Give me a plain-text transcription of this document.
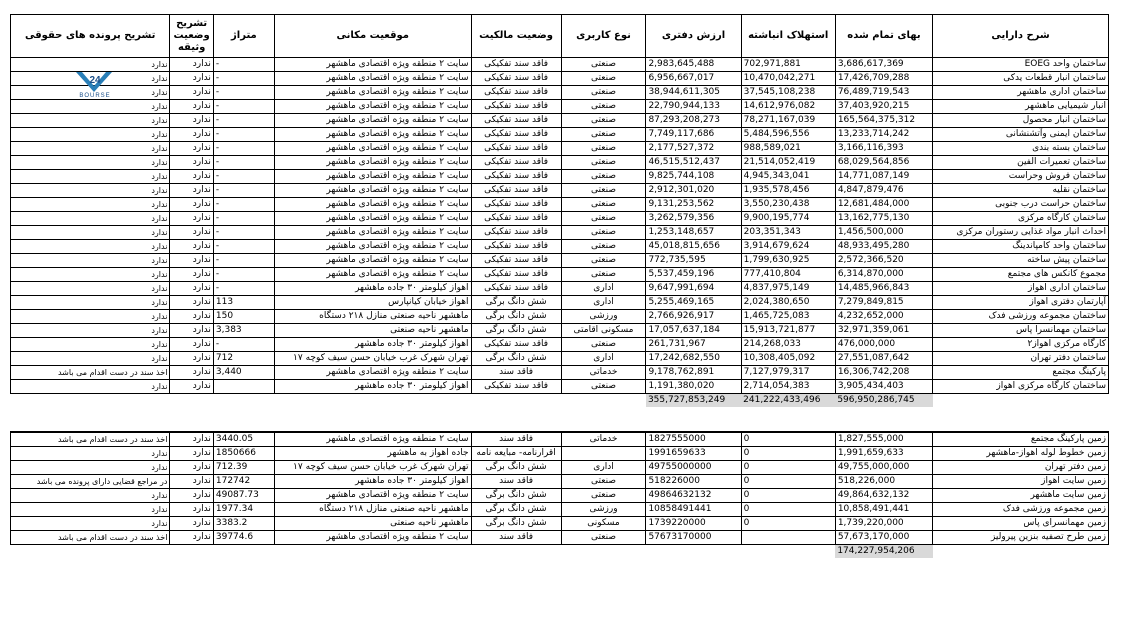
شرح دارایی	بهای تمام شده	استهلاک انباشته	ارزش دفتری	نوع کاربری	وضعیت مالکیت	موقعیت مکانی	متراژ	تشریح وضعیت وثیقه	تشریح پرونده های حقوقی
ساختمان واحد EOEG	3,686,617,369	702,971,881	2,983,645,488	صنعتی	فاقد سند تفکیکی	سایت ۲ منطقه ویژه اقتصادی ماهشهر	-	ندارد	ندارد
ساختمان انبار قطعات یدکی	17,426,709,288	10,470,042,271	6,956,667,017	صنعتی	فاقد سند تفکیکی	سایت ۲ منطقه ویژه اقتصادی ماهشهر	-	ندارد	ندارد
ساختمان اداری ماهشهر	76,489,719,543	37,545,108,238	38,944,611,305	صنعتی	فاقد سند تفکیکی	سایت ۲ منطقه ویژه اقتصادی ماهشهر	-	ندارد	ندارد
انبار شیمیایی ماهشهر	37,403,920,215	14,612,976,082	22,790,944,133	صنعتی	فاقد سند تفکیکی	سایت ۲ منطقه ویژه اقتصادی ماهشهر	-	ندارد	ندارد
ساختمان انبار محصول	165,564,375,312	78,271,167,039	87,293,208,273	صنعتی	فاقد سند تفکیکی	سایت ۲ منطقه ویژه اقتصادی ماهشهر	-	ندارد	ندارد
ساختمان ایمنی وآتشنشانی	13,233,714,242	5,484,596,556	7,749,117,686	صنعتی	فاقد سند تفکیکی	سایت ۲ منطقه ویژه اقتصادی ماهشهر	-	ندارد	ندارد
ساختمان بسته بندی	3,166,116,393	988,589,021	2,177,527,372	صنعتی	فاقد سند تفکیکی	سایت ۲ منطقه ویژه اقتصادی ماهشهر	-	ندارد	ندارد
ساختمان تعمیرات الفین	68,029,564,856	21,514,052,419	46,515,512,437	صنعتی	فاقد سند تفکیکی	سایت ۲ منطقه ویژه اقتصادی ماهشهر	-	ندارد	ندارد
ساختمان فروش وحراست	14,771,087,149	4,945,343,041	9,825,744,108	صنعتی	فاقد سند تفکیکی	سایت ۲ منطقه ویژه اقتصادی ماهشهر	-	ندارد	ندارد
ساختمان نقلیه	4,847,879,476	1,935,578,456	2,912,301,020	صنعتی	فاقد سند تفکیکی	سایت ۲ منطقه ویژه اقتصادی ماهشهر	-	ندارد	ندارد
ساختمان حراست درب جنوبی	12,681,484,000	3,550,230,438	9,131,253,562	صنعتی	فاقد سند تفکیکی	سایت ۲ منطقه ویژه اقتصادی ماهشهر	-	ندارد	ندارد
ساختمان کارگاه مرکزی	13,162,775,130	9,900,195,774	3,262,579,356	صنعتی	فاقد سند تفکیکی	سایت ۲ منطقه ویژه اقتصادی ماهشهر	-	ندارد	ندارد
احداث انبار مواد غذایی رستوران مرکزی	1,456,500,000	203,351,343	1,253,148,657	صنعتی	فاقد سند تفکیکی	سایت ۲ منطقه ویژه اقتصادی ماهشهر	-	ندارد	ندارد
ساختمان واحد کامپاندینگ	48,933,495,280	3,914,679,624	45,018,815,656	صنعتی	فاقد سند تفکیکی	سایت ۲ منطقه ویژه اقتصادی ماهشهر	-	ندارد	ندارد
ساختمان پیش ساخته	2,572,366,520	1,799,630,925	772,735,595	صنعتی	فاقد سند تفکیکی	سایت ۲ منطقه ویژه اقتصادی ماهشهر	-	ندارد	ندارد
مجموع کانکس های مجتمع	6,314,870,000	777,410,804	5,537,459,196	صنعتی	فاقد سند تفکیکی	سایت ۲ منطقه ویژه اقتصادی ماهشهر	-	ندارد	ندارد
ساختمان اداری اهواز	14,485,966,843	4,837,975,149	9,647,991,694	اداری	فاقد سند تفکیکی	اهواز کیلومتر ۳۰ جاده ماهشهر	-	ندارد	ندارد
آپارتمان دفتری اهواز	7,279,849,815	2,024,380,650	5,255,469,165	اداری	شش دانگ برگی	اهواز خیابان کیانپارس	113	ندارد	ندارد
ساختمان مجموعه ورزشی فدک	4,232,652,000	1,465,725,083	2,766,926,917	ورزشی	شش دانگ برگی	ماهشهر ناحیه صنعتی منازل ۲۱۸ دستگاه	150	ندارد	ندارد
ساختمان مهمانسرا پاس	32,971,359,061	15,913,721,877	17,057,637,184	مسکونی اقامتی	شش دانگ برگی	ماهشهر ناحیه صنعتی	3,383	ندارد	ندارد
کارگاه مرکزی اهواز۲	476,000,000	214,268,033	261,731,967	صنعتی	فاقد سند تفکیکی	اهواز کیلومتر ۳۰ جاده ماهشهر	-	ندارد	ندارد
ساختمان دفتر تهران	27,551,087,642	10,308,405,092	17,242,682,550	اداری	شش دانگ برگی	تهران شهرک غرب خیابان حسن سیف کوچه ۱۷	712	ندارد	ندارد
پارکینگ مجتمع	16,306,742,208	7,127,979,317	9,178,762,891	خدماتی	فاقد سند	سایت ۲ منطقه ویژه اقتصادی ماهشهر	3,440	ندارد	اخذ سند در دست اقدام می باشد
ساختمان کارگاه مرکزی اهواز	3,905,434,403	2,714,054,383	1,191,380,020	صنعتی	فاقد سند تفکیکی	اهواز کیلومتر ۳۰ جاده ماهشهر		ندارد	ندارد
	596,950,286,745	241,222,433,496	355,727,853,249						
زمین پارکینگ مجتمع	1,827,555,000	0	1827555000	خدماتی	فاقد سند	سایت ۲ منطقه ویژه اقتصادی ماهشهر	3440.05	ندارد	اخذ سند در دست اقدام می باشد
زمین خطوط لوله اهواز-ماهشهر	1,991,659,633	0	1991659633		اقرارنامه- مبایعه نامه	جاده اهواز به ماهشهر	1850666	ندارد	ندارد
زمین دفتر تهران	49,755,000,000	0	49755000000	اداری	شش دانگ برگی	تهران شهرک غرب خیابان حسن سیف کوچه ۱۷	712.39	ندارد	ندارد
زمین سایت اهواز	518,226,000	0	518226000	صنعتی	فاقد سند	اهواز کیلومتر ۳۰ جاده ماهشهر	172742	ندارد	در مراجع قضایی دارای پرونده می باشد
زمین سایت ماهشهر	49,864,632,132	0	49864632132	صنعتی	شش دانگ برگی	سایت ۲ منطقه ویژه اقتصادی ماهشهر	49087.73	ندارد	ندارد
زمین مجموعه ورزشی فدک	10,858,491,441	0	10858491441	ورزشی	شش دانگ برگی	ماهشهر ناحیه صنعتی منازل ۲۱۸ دستگاه	1977.34	ندارد	ندارد
زمین مهمانسرای پاس	1,739,220,000	0	1739220000	مسکونی	شش دانگ برگی	ماهشهر ناحیه صنعتی	3383.2	ندارد	ندارد
زمین طرح تصفیه بنزین پیرولیز	57,673,170,000		57673170000	صنعتی	فاقد سند	سایت ۲ منطقه ویژه اقتصادی ماهشهر	39774.6	ندارد	اخذ سند در دست اقدام می باشد
	174,227,954,206								
24
BOURSE
